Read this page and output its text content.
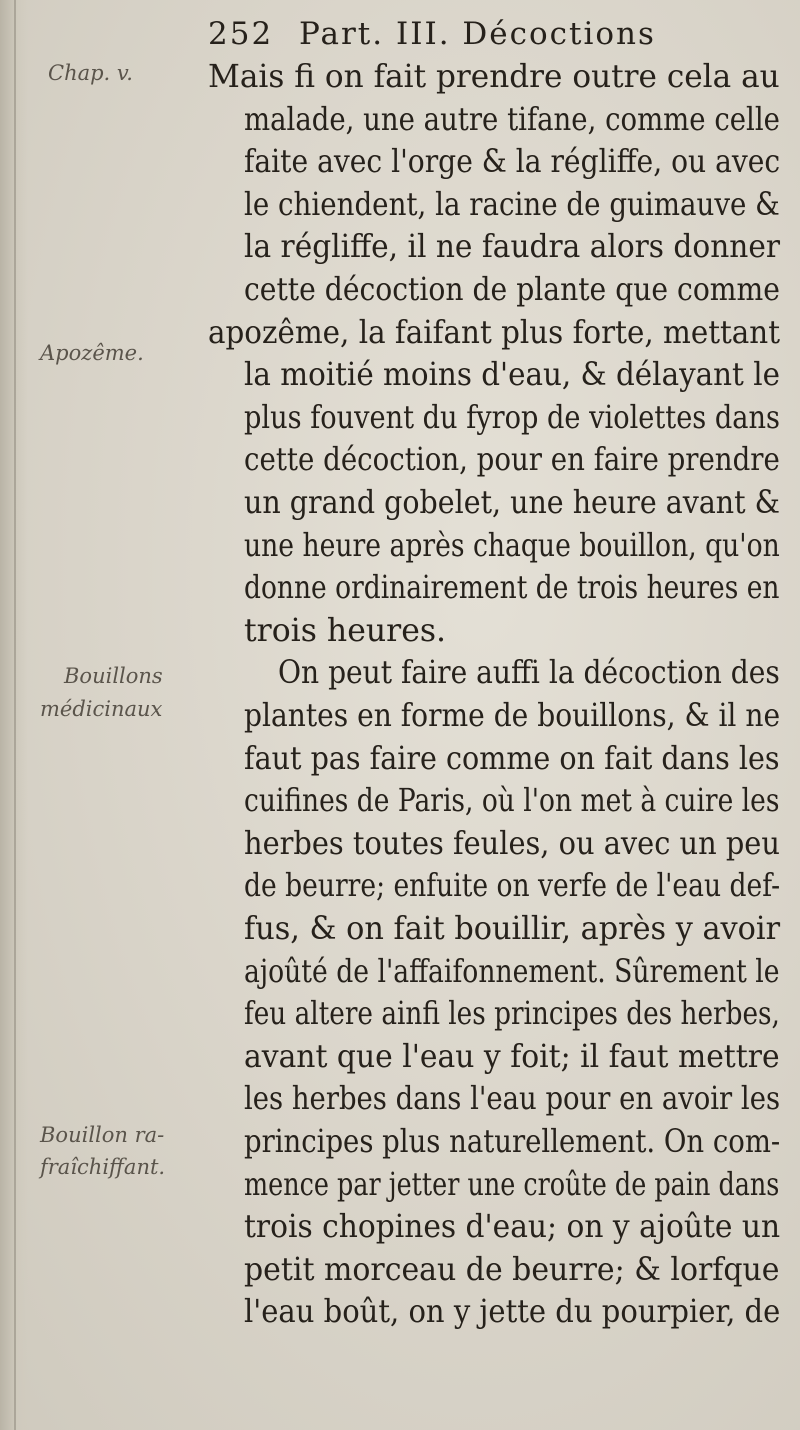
252 Part. III. Décoctions
Chap. v.
Apozême.
Bouillons
médicinaux
Bouillon ra-
fraîchiffant.
Mais fi on fait prendre outre cela au
malade, une autre tifane, comme celle
faite avec l'orge & la régliffe, ou avec
le chiendent, la racine de guimauve &
la régliffe, il ne faudra alors donner
cette décoction de plante que comme
apozême, la faifant plus forte, mettant
la moitié moins d'eau, & délayant le
plus fouvent du fyrop de violettes dans
cette décoction, pour en faire prendre
un grand gobelet, une heure avant &
une heure après chaque bouillon, qu'on
donne ordinairement de trois heures en
trois heures.
On peut faire auffi la décoction des
plantes en forme de bouillons, & il ne
faut pas faire comme on fait dans les
cuifines de Paris, où l'on met à cuire les
herbes toutes feules, ou avec un peu
de beurre; enfuite on verfe de l'eau def-
fus, & on fait bouillir, après y avoir
ajoûté de l'affaifonnement. Sûrement le
feu altere ainfi les principes des herbes,
avant que l'eau y foit; il faut mettre
les herbes dans l'eau pour en avoir les
principes plus naturellement. On com-
mence par jetter une croûte de pain dans
trois chopines d'eau; on y ajoûte un
petit morceau de beurre; & lorfque
l'eau boût, on y jette du pourpier, de
